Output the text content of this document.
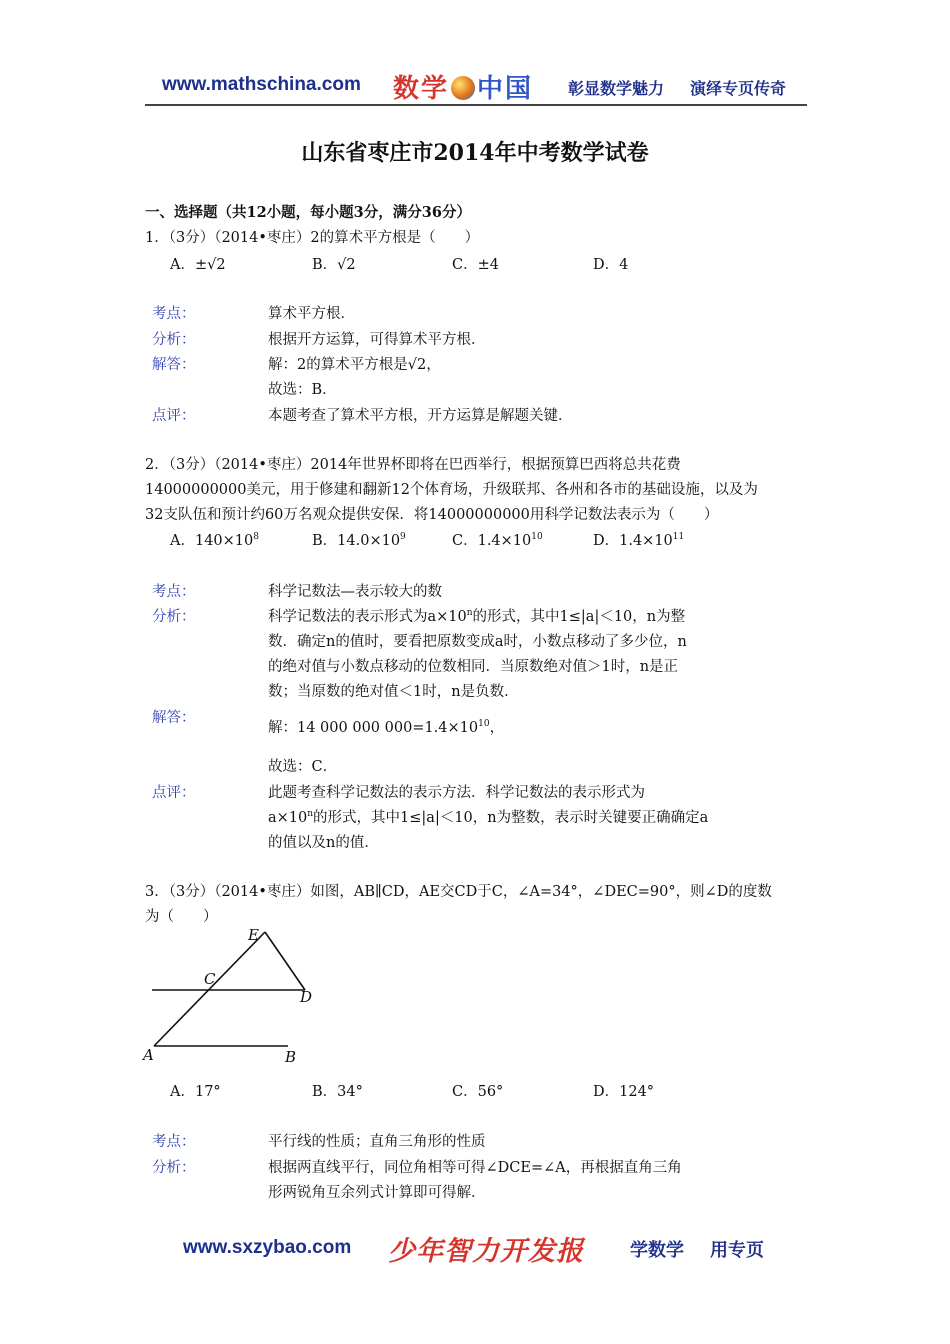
www.mathschina.com 数学 中国 彰显数学魅力 演绎专页传奇
山东省枣庄市2014年中考数学试卷
一、选择题（共12小题，每小题3分，满分36分）
1．（3分）（2014•枣庄）2的算术平方根是（　　）
A．±√2	B．√2	C．±4	D．4
考点：	算术平方根．
分析：	根据开方运算，可得算术平方根．
解答：	解：2的算术平方根是√2，
故选：B．
点评：	本题考查了算术平方根，开方运算是解题关键．
2．（3分）（2014•枣庄）2014年世界杯即将在巴西举行，根据预算巴西将总共花费
14000000000美元，用于修建和翻新12个体育场，升级联邦、各州和各市的基础设施，以及为
32支队伍和预计约60万名观众提供安保．将14000000000用科学记数法表示为（　　）
A．$140\times 10^8$	B．$14.0\times 10^9$	C．$1.4\times 10^{10}$	D．$1.4\times 10^{11}$
考点：	科学记数法—表示较大的数
分析：	科学记数法的表示形式为$a\times 10^n$的形式，其中1≤|a|＜10，n为整
数．确定n的值时，要看把原数变成a时，小数点移动了多少位，n
的绝对值与小数点移动的位数相同．当原数绝对值＞1时，n是正
数；当原数的绝对值＜1时，n是负数．
解答：
解：14 000 000 $000=1.4\times 10^{10}$，
故选：C．
点评：	此题考查科学记数法的表示方法．科学记数法的表示形式为
$a\times 10^n$的形式，其中1≤|a|＜10，n为整数，表示时关键要正确确定a
的值以及n的值．
3．（3分）（2014•枣庄）如图，AB∥CD，AE交CD于C，∠A=34°，∠DEC=90°，则∠D的度数
为（　　）
E
C
D
A	B
A．17°	B．34°	C．56°	D．124°
考点：	平行线的性质；直角三角形的性质
分析：	根据两直线平行，同位角相等可得∠DCE=∠A，再根据直角三角
形两锐角互余列式计算即可得解．
www.sxzybao.com 少年智力开发报	学数学 用专页
